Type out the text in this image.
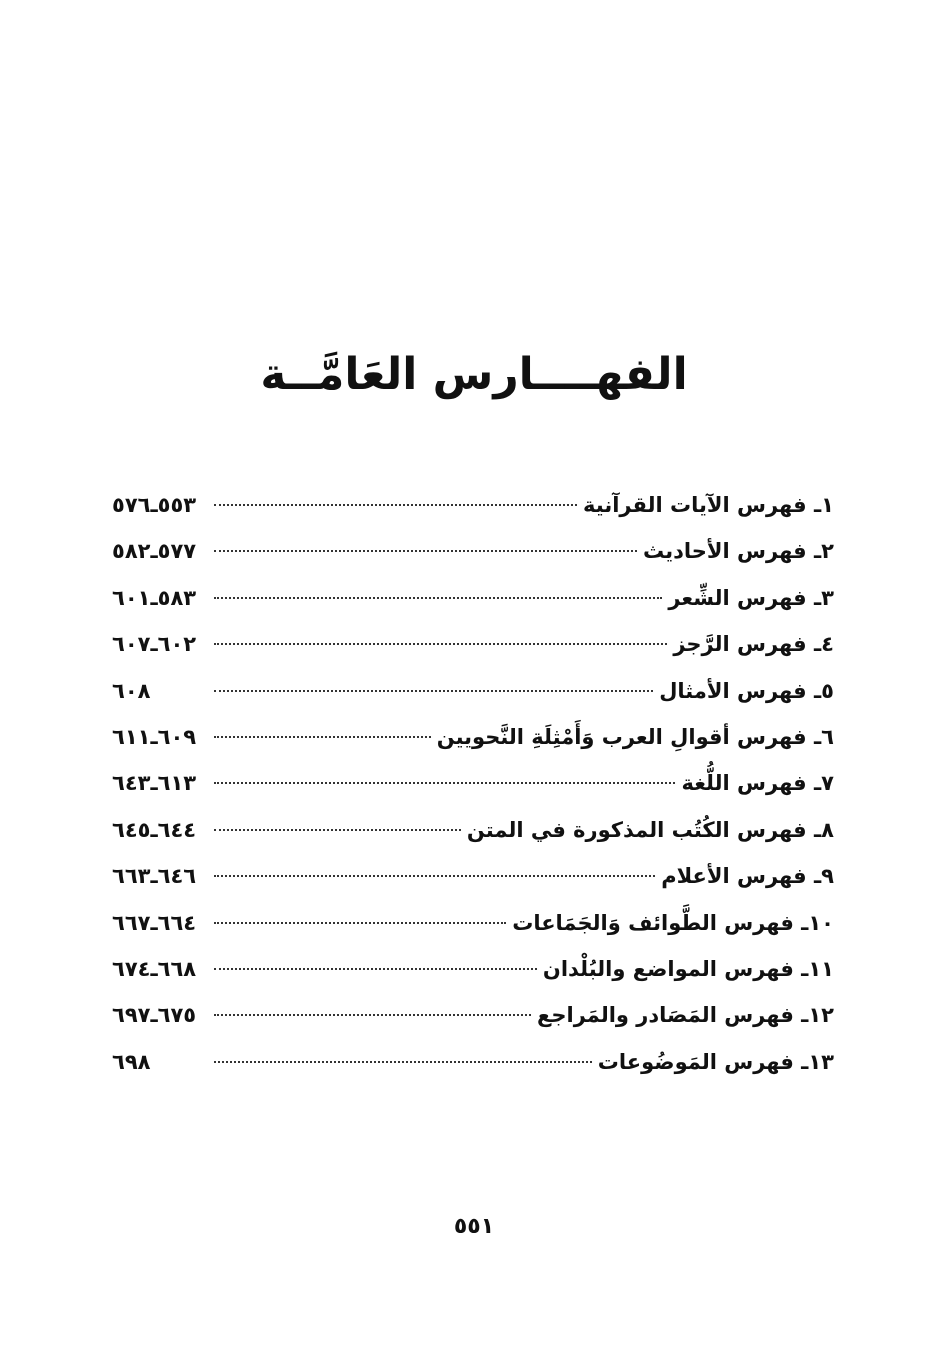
الفهــــارس العَامَّــة
١ـ فهرس الآيات القرآنية
٥٥٣ـ٥٧٦
٢ـ فهرس الأحاديث
٥٧٧ـ٥٨٢
٣ـ فهرس الشِّعر
٥٨٣ـ٦٠١
٤ـ فهرس الرَّجز
٦٠٢ـ٦٠٧
٥ـ فهرس الأمثال
٦٠٨
٦ـ فهرس أقوالِ العرب وَأَمْثِلَةِ النَّحويين
٦٠٩ـ٦١١
٧ـ فهرس اللُّغة
٦١٣ـ٦٤٣
٨ـ فهرس الكُتُب المذكورة في المتن
٦٤٤ـ٦٤٥
٩ـ فهرس الأعلام
٦٤٦ـ٦٦٣
١٠ـ فهرس الطَّوائف وَالجَمَاعات
٦٦٤ـ٦٦٧
١١ـ فهرس المواضع والبُلْدان
٦٦٨ـ٦٧٤
١٢ـ فهرس المَصَادر والمَراجع
٦٧٥ـ٦٩٧
١٣ـ فهرس المَوضُوعات
٦٩٨
٥٥١
